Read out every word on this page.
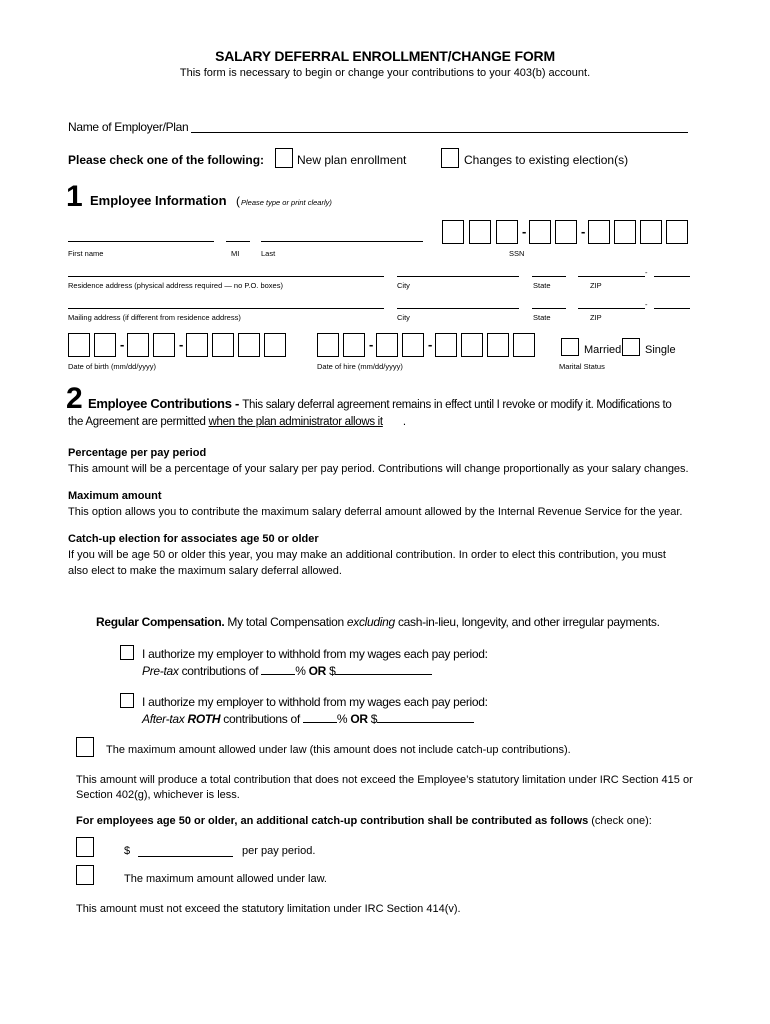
SALARY DEFERRAL ENROLLMENT/CHANGE FORM
This form is necessary to begin or change your contributions to your 403(b) account.
Name of Employer/Plan
Please check one of the following:	New plan enrollment	Changes to existing election(s)
1 Employee Information ( Please type or print clearly)
First name	MI	Last
-	-
SSN
-
Residence address (physical address required — no P.O. boxes)	City	State	ZIP
-
Mailing address (if different from residence address)	City	State	ZIP
-	-
Date of birth (mm/dd/yyyy)
-	-
Date of hire (mm/dd/yyyy)
Married Single
Marital Status
2 Employee Contributions - This salary deferral agreement remains in effect until I revoke or modify it. Modifications to
the Agreement are permitted when the plan administrator allows it .
Percentage per pay period
This amount will be a percentage of your salary per pay period. Contributions will change proportionally as your salary changes.
Maximum amount
This option allows you to contribute the maximum salary deferral amount allowed by the Internal Revenue Service for the year.
Catch-up election for associates age 50 or older
If you will be age 50 or older this year, you may make an additional contribution. In order to elect this contribution, you must
also elect to make the maximum salary deferral allowed.
Regular Compensation. My total Compensation excluding cash-in-lieu, longevity, and other irregular payments.
I authorize my employer to withhold from my wages each pay period:
Pre-tax contributions of	% OR $
I authorize my employer to withhold from my wages each pay period:
After-tax ROTH contributions of	% OR $
The maximum amount allowed under law (this amount does not include catch-up contributions).
This amount will produce a total contribution that does not exceed the Employee’s statutory limitation under IRC Section 415 or
Section 402(g), whichever is less.
For employees age 50 or older, an additional catch-up contribution shall be contributed as follows (check one):
$	per pay period.
The maximum amount allowed under law.
This amount must not exceed the statutory limitation under IRC Section 414(v).
